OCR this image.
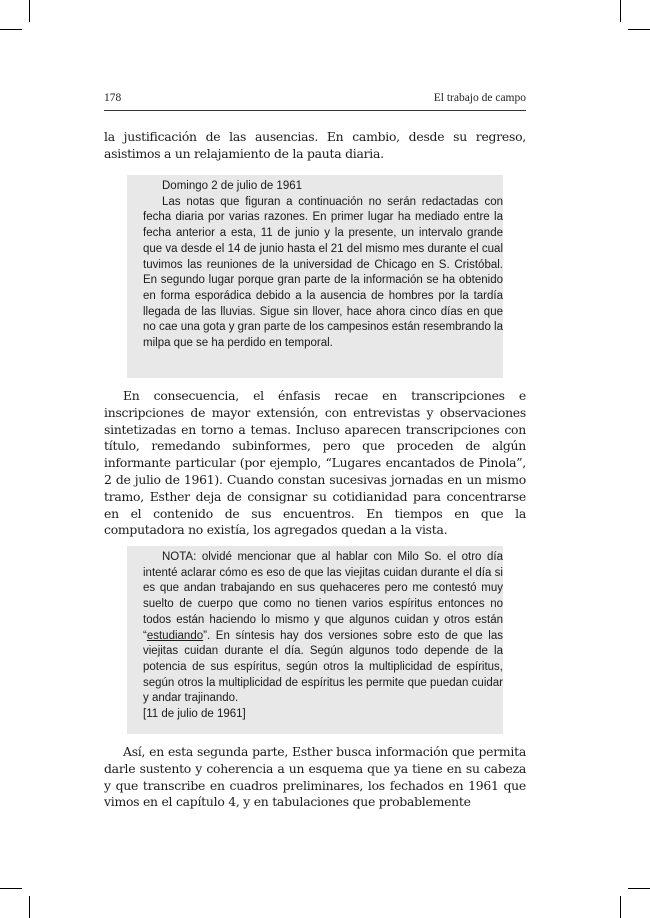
178	El trabajo de campo

la justificación de las ausencias. En cambio, desde su regreso, asistimos a un relajamiento de la pauta diaria.

Domingo 2 de julio de 1961

Las notas que figuran a continuación no serán redactadas con fecha diaria por varias razones. En primer lugar ha mediado entre la fecha anterior a esta, 11 de junio y la presente, un intervalo grande que va desde el 14 de junio hasta el 21 del mismo mes durante el cual tuvimos las reuniones de la universidad de Chicago en S. Cristóbal. En segundo lugar porque gran parte de la información se ha obtenido en forma esporádica debido a la ausencia de hombres por la tardía llegada de las lluvias. Sigue sin llover, hace ahora cinco días en que no cae una gota y gran parte de los campesinos están resembrando la milpa que se ha perdido en temporal.

En consecuencia, el énfasis recae en transcripciones e inscripciones de mayor extensión, con entrevistas y observaciones sintetizadas en torno a temas. Incluso aparecen transcripciones con título, remedando subinformes, pero que proceden de algún informante particular (por ejemplo, “Lugares encantados de Pinola”, 2 de julio de 1961). Cuando constan sucesivas jornadas en un mismo tramo, Esther deja de consignar su cotidianidad para concentrarse en el contenido de sus encuentros. En tiempos en que la computadora no existía, los agregados quedan a la vista.

NOTA: olvidé mencionar que al hablar con Milo So. el otro día intenté aclarar cómo es eso de que las viejitas cuidan durante el día si es que andan trabajando en sus quehaceres pero me contestó muy suelto de cuerpo que como no tienen varios espíritus entonces no todos están haciendo lo mismo y que algunos cuidan y otros están “estudiando”. En síntesis hay dos versiones sobre esto de que las viejitas cuidan durante el día. Según algunos todo depende de la potencia de sus espíritus, según otros la multiplicidad de espíritus, según otros la multiplicidad de espíritus les permite que puedan cuidar y andar trajinando.

[11 de julio de 1961]

Así, en esta segunda parte, Esther busca información que permita darle sustento y coherencia a un esquema que ya tiene en su cabeza y que transcribe en cuadros preliminares, los fechados en 1961 que vimos en el capítulo 4, y en tabulaciones que probablemente
